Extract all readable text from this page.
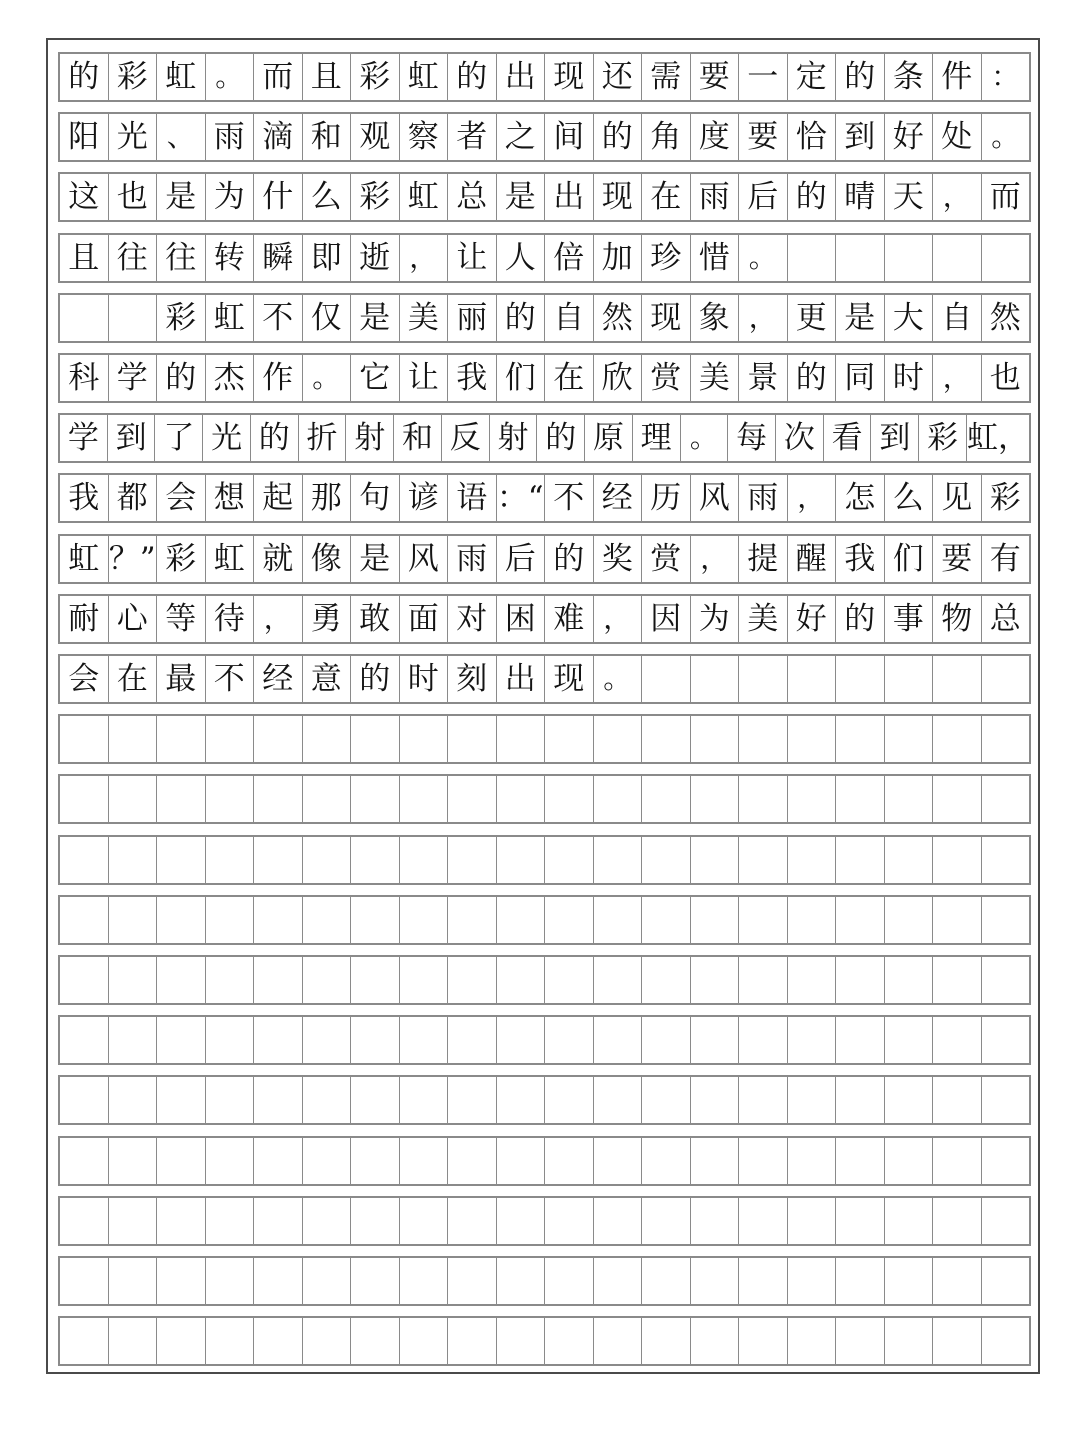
的 彩 虹 。 而 且 彩 虹 的 出 现 还 需 要 一 定 的 条 件 ：
阳 光 、 雨 滴 和 观 察 者 之 间 的 角 度 要 恰 到 好 处 。
这 也 是 为 什 么 彩 虹 总 是 出 现 在 雨 后 的 晴 天 ， 而
且 往 往 转 瞬 即 逝 ， 让 人 倍 加 珍 惜 。
彩 虹 不 仅 是 美 丽 的 自 然 现 象 ， 更 是 大 自 然
科 学 的 杰 作 。 它 让 我 们 在 欣 赏 美 景 的 同 时 ， 也
学 到 了 光 的 折 射 和 反 射 的 原 理 。 每 次 看 到 彩 虹，
我 都 会 想 起 那 句 谚 语 ：“ 不 经 历 风 雨 ， 怎 么 见 彩
虹 ？” 彩 虹 就 像 是 风 雨 后 的 奖 赏 ， 提 醒 我 们 要 有
耐 心 等 待 ， 勇 敢 面 对 困 难 ， 因 为 美 好 的 事 物 总
会 在 最 不 经 意 的 时 刻 出 现 。
